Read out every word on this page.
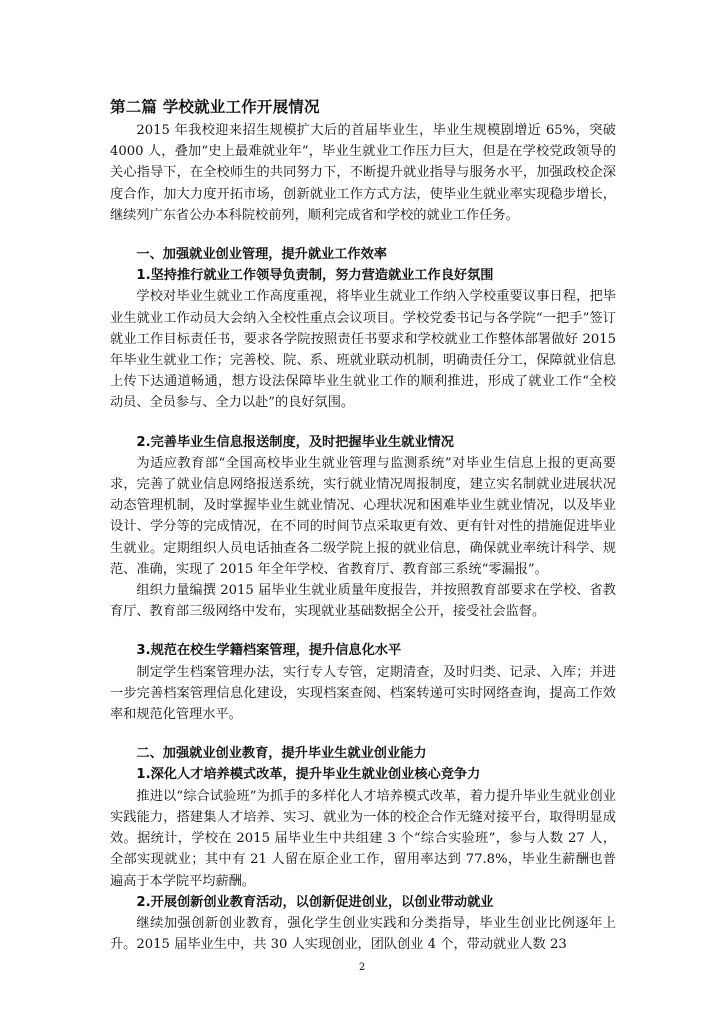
第二篇 学校就业工作开展情况

2015 年我校迎来招生规模扩大后的首届毕业生，毕业生规模剧增近 65%，突破 4000 人，叠加“史上最难就业年”，毕业生就业工作压力巨大，但是在学校党政领导的关心指导下，在全校师生的共同努力下，不断提升就业指导与服务水平，加强政校企深度合作，加大力度开拓市场，创新就业工作方式方法，使毕业生就业率实现稳步增长，继续列广东省公办本科院校前列，顺利完成省和学校的就业工作任务。

一、加强就业创业管理，提升就业工作效率

1.坚持推行就业工作领导负责制，努力营造就业工作良好氛围

学校对毕业生就业工作高度重视，将毕业生就业工作纳入学校重要议事日程，把毕业生就业工作动员大会纳入全校性重点会议项目。学校党委书记与各学院“一把手”签订就业工作目标责任书，要求各学院按照责任书要求和学校就业工作整体部署做好 2015 年毕业生就业工作；完善校、院、系、班就业联动机制，明确责任分工，保障就业信息上传下达通道畅通，想方设法保障毕业生就业工作的顺利推进，形成了就业工作“全校动员、全员参与、全力以赴”的良好氛围。

2.完善毕业生信息报送制度，及时把握毕业生就业情况

为适应教育部“全国高校毕业生就业管理与监测系统”对毕业生信息上报的更高要求，完善了就业信息网络报送系统，实行就业情况周报制度，建立实名制就业进展状况动态管理机制，及时掌握毕业生就业情况、心理状况和困难毕业生就业情况，以及毕业设计、学分等的完成情况，在不同的时间节点采取更有效、更有针对性的措施促进毕业生就业。定期组织人员电话抽查各二级学院上报的就业信息，确保就业率统计科学、规范、准确，实现了 2015 年全年学校、省教育厅、教育部三系统“零漏报”。

组织力量编撰 2015 届毕业生就业质量年度报告，并按照教育部要求在学校、省教育厅、教育部三级网络中发布，实现就业基础数据全公开，接受社会监督。

3.规范在校生学籍档案管理，提升信息化水平

制定学生档案管理办法，实行专人专管，定期清查，及时归类、记录、入库；并进一步完善档案管理信息化建设，实现档案查阅、档案转递可实时网络查询，提高工作效率和规范化管理水平。

二、加强就业创业教育，提升毕业生就业创业能力

1.深化人才培养模式改革，提升毕业生就业创业核心竞争力

推进以“综合试验班”为抓手的多样化人才培养模式改革，着力提升毕业生就业创业实践能力，搭建集人才培养、实习、就业为一体的校企合作无缝对接平台，取得明显成效。据统计，学校在 2015 届毕业生中共组建 3 个“综合实验班”，参与人数 27 人，全部实现就业；其中有 21 人留在原企业工作，留用率达到 77.8%，毕业生薪酬也普遍高于本学院平均薪酬。

2.开展创新创业教育活动，以创新促进创业，以创业带动就业

继续加强创新创业教育，强化学生创业实践和分类指导，毕业生创业比例逐年上升。2015 届毕业生中，共 30 人实现创业，团队创业 4 个，带动就业人数 23

2
